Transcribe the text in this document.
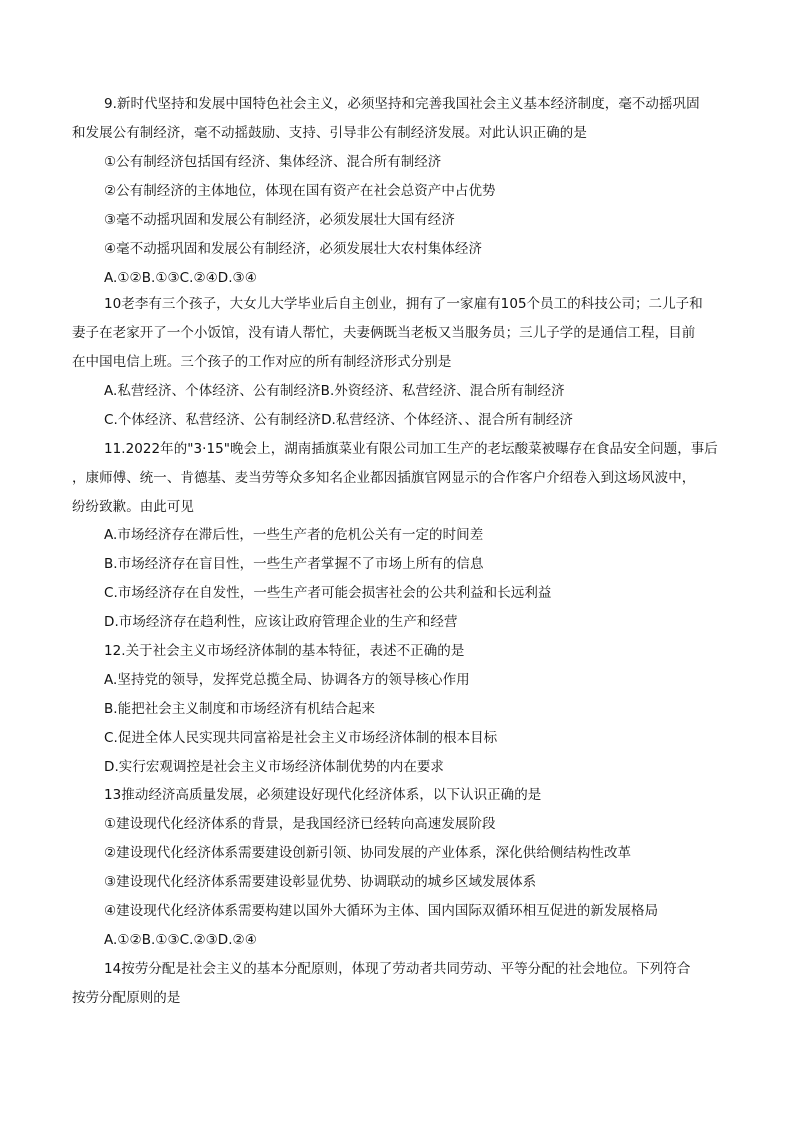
9.新时代坚持和发展中国特色社会主义，必须坚持和完善我国社会主义基本经济制度，毫不动摇巩固
和发展公有制经济，毫不动摇鼓励、支持、引导非公有制经济发展。对此认识正确的是
①公有制经济包括国有经济、集体经济、混合所有制经济
②公有制经济的主体地位，体现在国有资产在社会总资产中占优势
③毫不动摇巩固和发展公有制经济，必须发展壮大国有经济
④毫不动摇巩固和发展公有制经济，必须发展壮大农村集体经济
A.①②B.①③C.②④D.③④
10老李有三个孩子，大女儿大学毕业后自主创业，拥有了一家雇有105个员工的科技公司；二儿子和
妻子在老家开了一个小饭馆，没有请人帮忙，夫妻俩既当老板又当服务员；三儿子学的是通信工程，目前
在中国电信上班。三个孩子的工作对应的所有制经济形式分别是
A.私营经济、个体经济、公有制经济B.外资经济、私营经济、混合所有制经济
C.个体经济、私营经济、公有制经济D.私营经济、个体经济、、混合所有制经济
11.2022年的"3·15"晚会上，湖南插旗菜业有限公司加工生产的老坛酸菜被曝存在食品安全问题，事后
，康师傅、统一、肯德基、麦当劳等众多知名企业都因插旗官网显示的合作客户介绍卷入到这场风波中，
纷纷致歉。由此可见
A.市场经济存在滞后性，一些生产者的危机公关有一定的时间差
B.市场经济存在盲目性，一些生产者掌握不了市场上所有的信息
C.市场经济存在自发性，一些生产者可能会损害社会的公共利益和长远利益
D.市场经济存在趋利性，应该让政府管理企业的生产和经营
12.关于社会主义市场经济体制的基本特征，表述不正确的是
A.坚持党的领导，发挥党总揽全局、协调各方的领导核心作用
B.能把社会主义制度和市场经济有机结合起来
C.促进全体人民实现共同富裕是社会主义市场经济体制的根本目标
D.实行宏观调控是社会主义市场经济体制优势的内在要求
13推动经济高质量发展，必须建设好现代化经济体系，以下认识正确的是
①建设现代化经济体系的背景，是我国经济已经转向高速发展阶段
②建设现代化经济体系需要建设创新引领、协同发展的产业体系，深化供给侧结构性改革
③建设现代化经济体系需要建设彰显优势、协调联动的城乡区域发展体系
④建设现代化经济体系需要构建以国外大循环为主体、国内国际双循环相互促进的新发展格局
A.①②B.①③C.②③D.②④
14按劳分配是社会主义的基本分配原则，体现了劳动者共同劳动、平等分配的社会地位。下列符合
按劳分配原则的是
